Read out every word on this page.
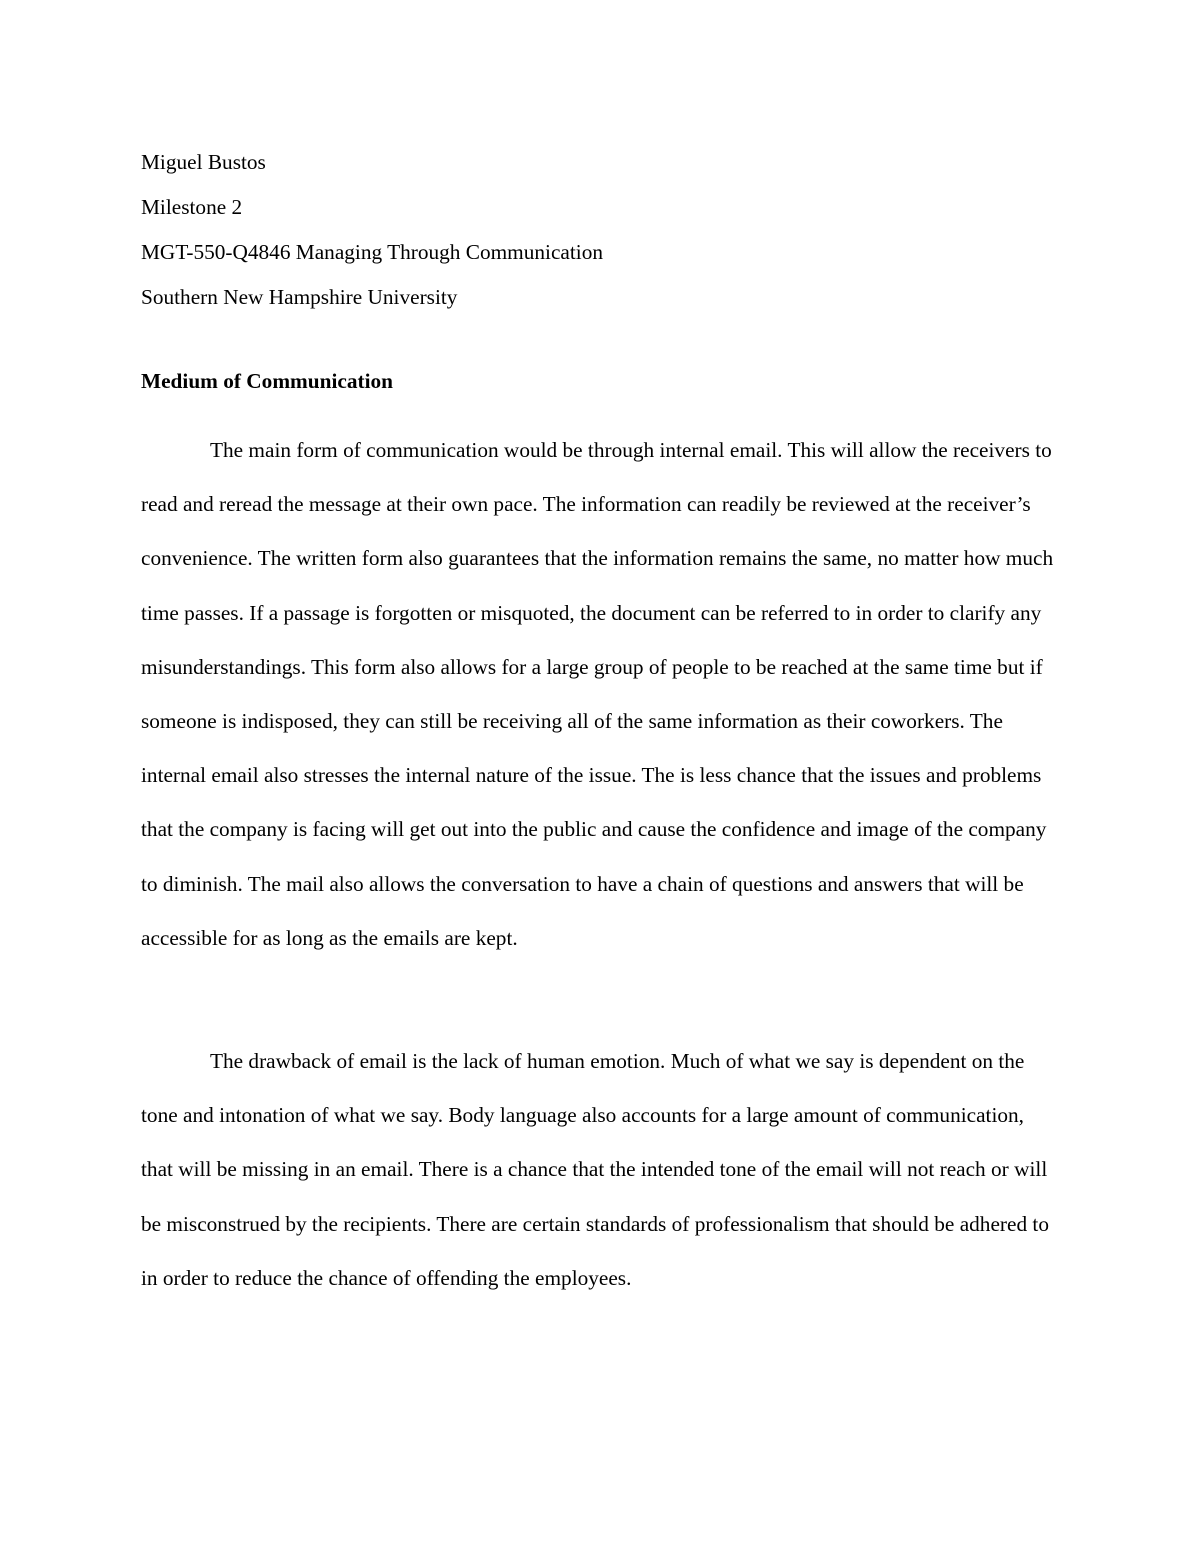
Miguel Bustos
Milestone 2
MGT-550-Q4846 Managing Through Communication
Southern New Hampshire University
Medium of Communication

The main form of communication would be through internal email. This will allow the receivers to read and reread the message at their own pace. The information can readily be reviewed at the receiver’s convenience. The written form also guarantees that the information remains the same, no matter how much time passes. If a passage is forgotten or misquoted, the document can be referred to in order to clarify any misunderstandings. This form also allows for a large group of people to be reached at the same time but if someone is indisposed, they can still be receiving all of the same information as their coworkers. The internal email also stresses the internal nature of the issue. The is less chance that the issues and problems that the company is facing will get out into the public and cause the confidence and image of the company to diminish. The mail also allows the conversation to have a chain of questions and answers that will be accessible for as long as the emails are kept.

The drawback of email is the lack of human emotion. Much of what we say is dependent on the tone and intonation of what we say. Body language also accounts for a large amount of communication, that will be missing in an email. There is a chance that the intended tone of the email will not reach or will be misconstrued by the recipients. There are certain standards of professionalism that should be adhered to in order to reduce the chance of offending the employees.
